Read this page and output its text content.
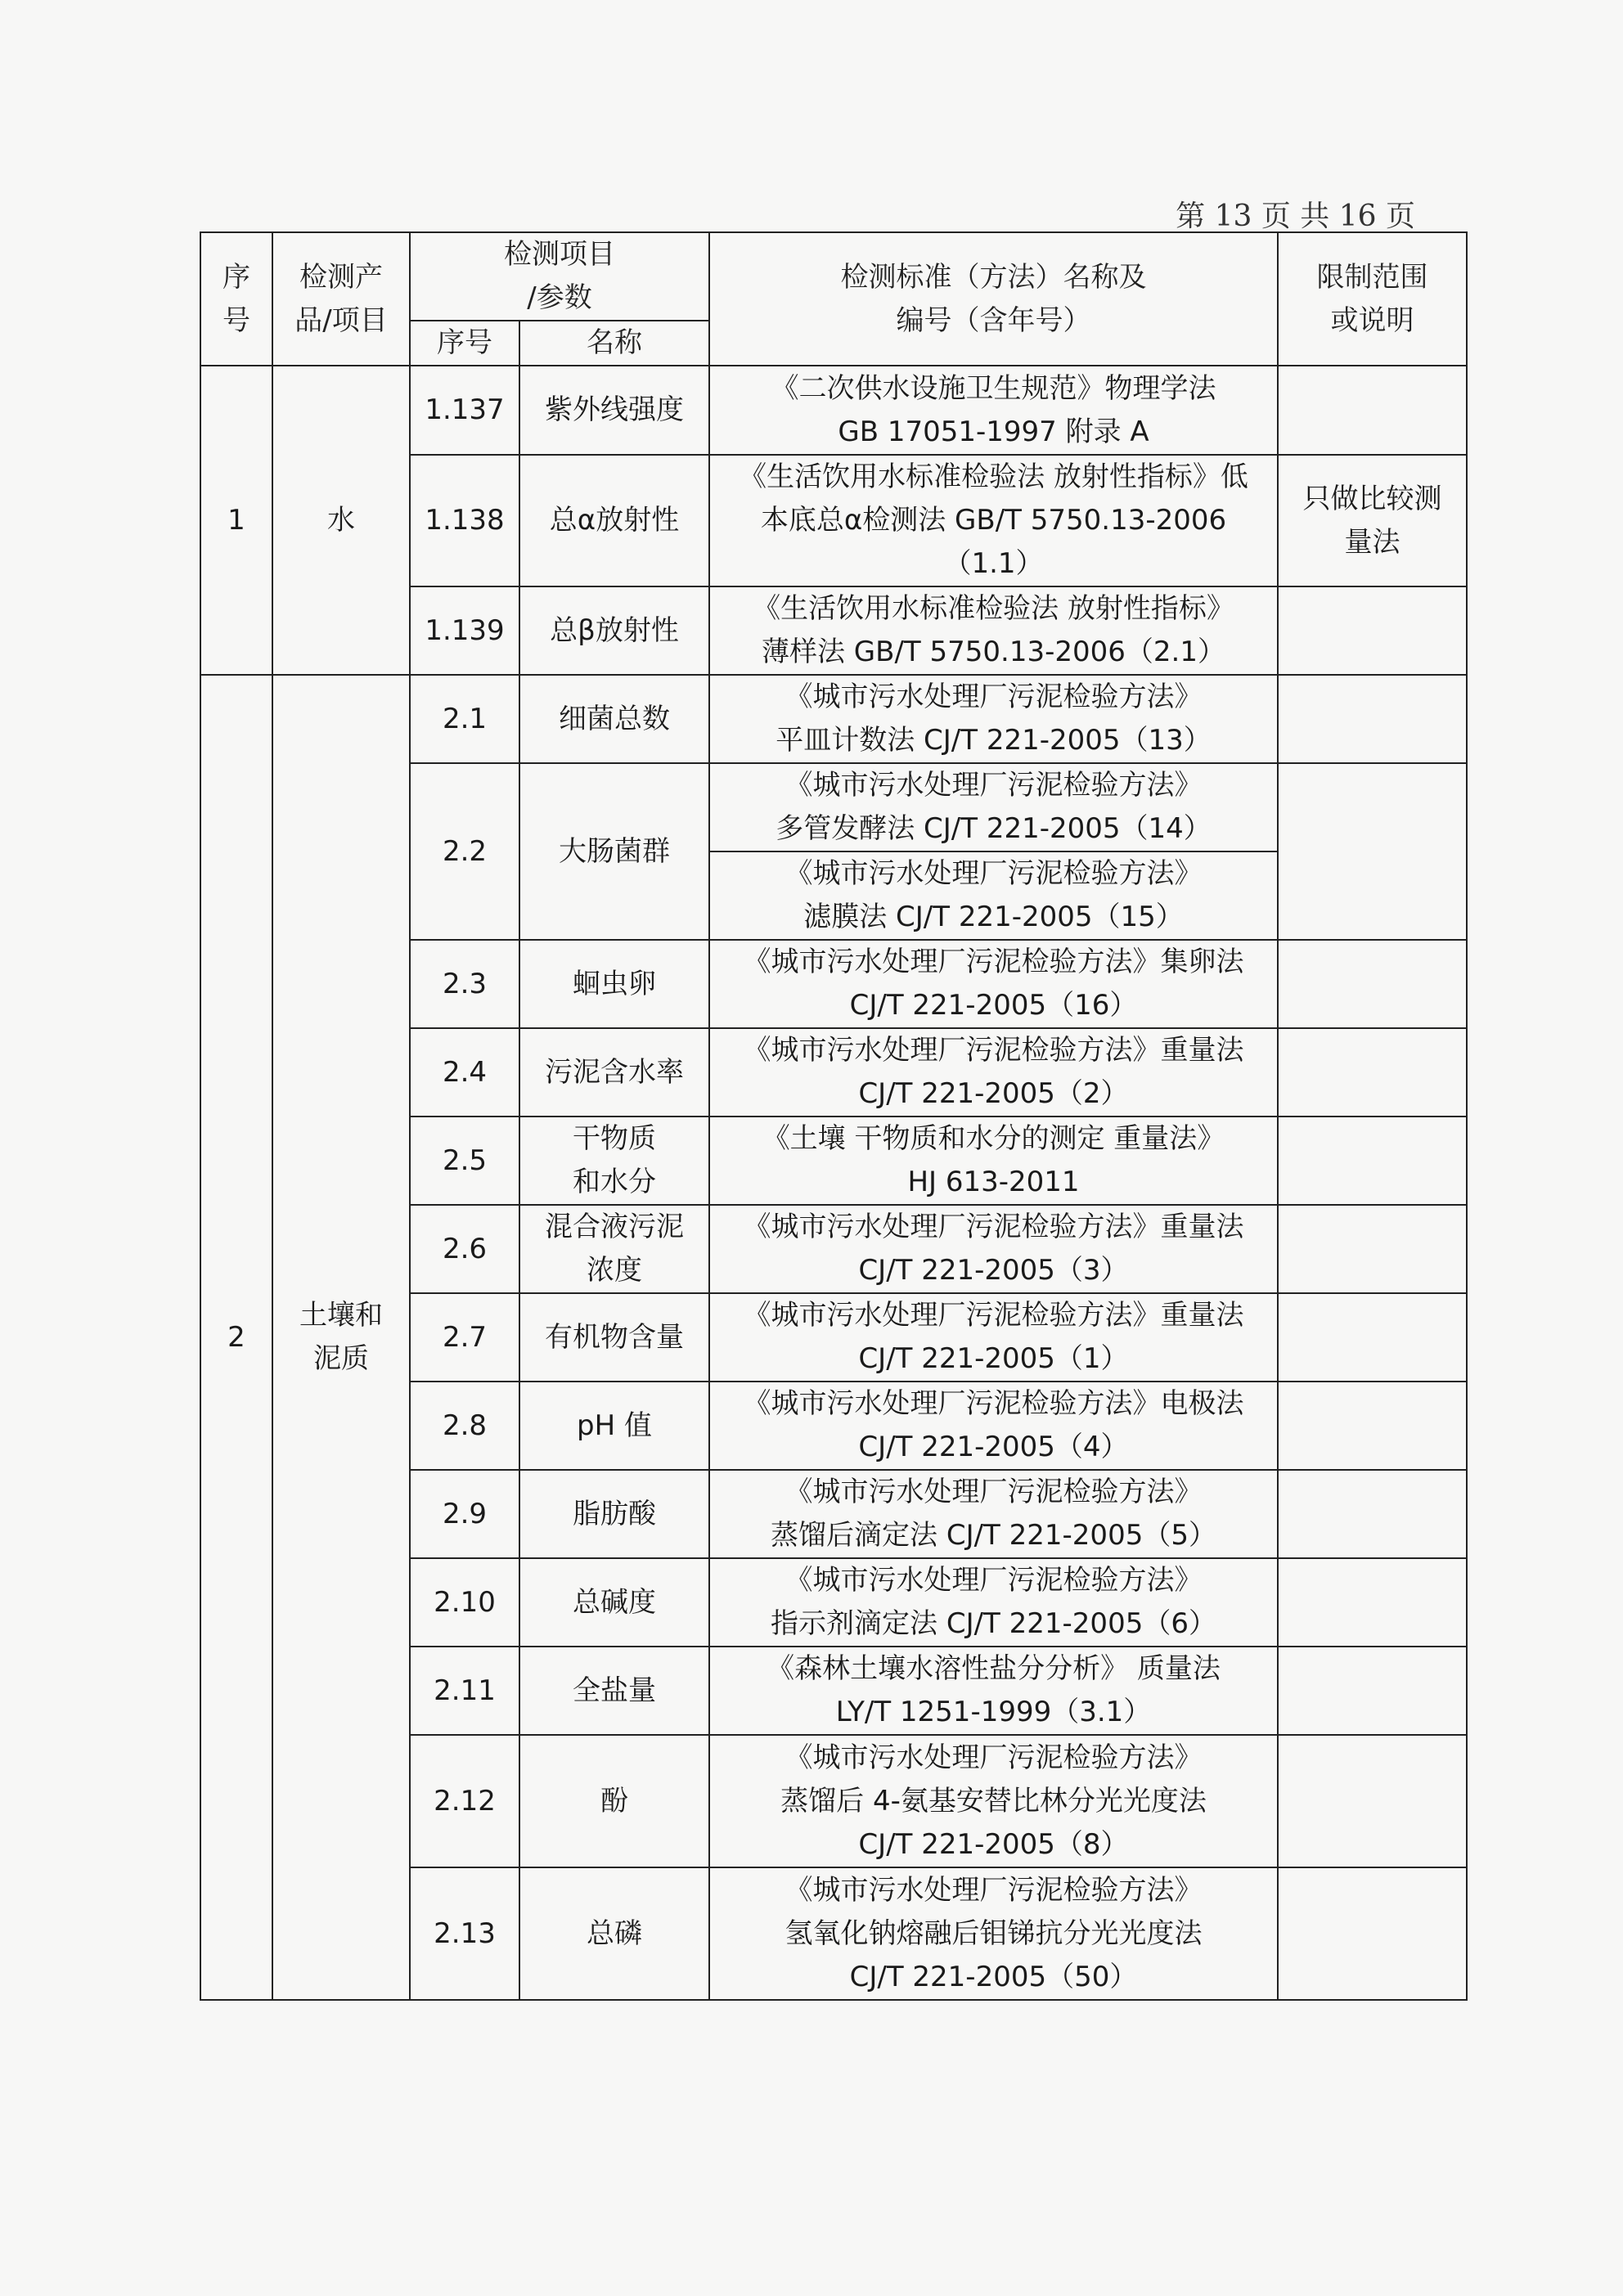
第 13 页 共 16 页
序
号	检测产
品/项目	检测项目
/参数		检测标准（方法）名称及
编号（含年号）	限制范围
或说明

		序号	名称		
1	水	1.137	紫外线强度	《二次供水设施卫生规范》物理学法
GB 17051-1997 附录 A	

		1.138	总α放射性	《生活饮用水标准检验法 放射性指标》低
本底总α检测法 GB/T 5750.13-2006
（1.1）	只做比较测
量法

		1.139	总β放射性	《生活饮用水标准检验法 放射性指标》
薄样法 GB/T 5750.13-2006（2.1）	

2	土壤和
泥质	2.1	细菌总数	《城市污水处理厂污泥检验方法》
平皿计数法 CJ/T 221-2005（13）	

		2.2	大肠菌群	《城市污水处理厂污泥检验方法》
多管发酵法 CJ/T 221-2005（14）	

				《城市污水处理厂污泥检验方法》
滤膜法 CJ/T 221-2005（15）	

		2.3	蛔虫卵	《城市污水处理厂污泥检验方法》集卵法
CJ/T 221-2005（16）	

		2.4	污泥含水率	《城市污水处理厂污泥检验方法》重量法
CJ/T 221-2005（2）	

		2.5	干物质
和水分	《土壤 干物质和水分的测定 重量法》
HJ 613-2011	

		2.6	混合液污泥
浓度	《城市污水处理厂污泥检验方法》重量法
CJ/T 221-2005（3）	

		2.7	有机物含量	《城市污水处理厂污泥检验方法》重量法
CJ/T 221-2005（1）	

		2.8	pH 值	《城市污水处理厂污泥检验方法》电极法
CJ/T 221-2005（4）	

		2.9	脂肪酸	《城市污水处理厂污泥检验方法》
蒸馏后滴定法 CJ/T 221-2005（5）	

		2.10	总碱度	《城市污水处理厂污泥检验方法》
指示剂滴定法 CJ/T 221-2005（6）	

		2.11	全盐量	《森林土壤水溶性盐分分析》 质量法
LY/T 1251-1999（3.1）	

		2.12	酚	《城市污水处理厂污泥检验方法》
蒸馏后 4-氨基安替比林分光光度法
CJ/T 221-2005（8）	

		2.13	总磷	《城市污水处理厂污泥检验方法》
氢氧化钠熔融后钼锑抗分光光度法
CJ/T 221-2005（50）	
